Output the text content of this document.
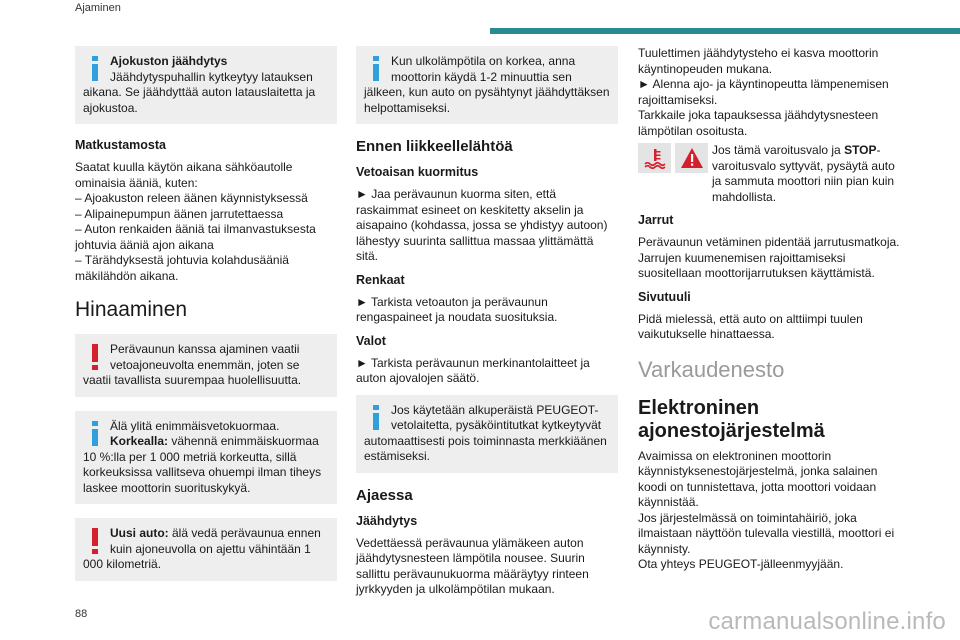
Ajaminen

Ajokuston jäähdytys

Jäähdytyspuhallin kytkeytyy latauksen aikana. Se jäähdyttää auton latauslaitetta ja ajokustoa.

Matkustamosta

Saatat kuulla käytön aikana sähköautolle ominaisia ääniä, kuten:

– Ajoakuston releen äänen käynnistyksessä

– Alipainepumpun äänen jarrutettaessa

– Auton renkaiden ääniä tai ilmanvastuksesta johtuvia ääniä ajon aikana

– Tärähdyksestä johtuvia kolahdusääniä mäkilähdön aikana.

Hinaaminen

Perävaunun kanssa ajaminen vaatii vetoajoneuvolta enemmän, joten se vaatii tavallista suurempaa huolellisuutta.

Älä ylitä enimmäisvetokuormaa.

Korkealla: vähennä enimmäiskuormaa 10 %:lla per 1 000 metriä korkeutta, sillä korkeuksissa vallitseva ohuempi ilman tiheys laskee moottorin suorituskykyä.

Uusi auto: älä vedä perävaunua ennen kuin ajoneuvolla on ajettu vähintään 1 000 kilometriä.

Kun ulkolämpötila on korkea, anna moottorin käydä 1-2 minuuttia sen jälkeen, kun auto on pysähtynyt jäähdyttäksen helpottamiseksi.

Ennen liikkeellelähtöä
Vetoaisan kuormitus

► Jaa perävaunun kuorma siten, että raskaimmat esineet on keskitetty akselin ja aisapaino (kohdassa, jossa se yhdistyy autoon) lähestyy suurinta sallittua massaa ylittämättä sitä.

Renkaat

► Tarkista vetoauton ja perävaunun rengaspaineet ja noudata suosituksia.

Valot

► Tarkista perävaunun merkinantolaitteet ja auton ajovalojen säätö.

Jos käytetään alkuperäistä PEUGEOT-vetolaitetta, pysäköintitutkat kytkeytyvät automaattisesti pois toiminnasta merkkiäänen estämiseksi.

Ajaessa
Jäähdytys

Vedettäessä perävaunua ylämäkeen auton jäähdytysnesteen lämpötila nousee. Suurin sallittu perävaunukuorma määräytyy rinteen jyrkkyyden ja ulkolämpötilan mukaan.

Tuulettimen jäähdytysteho ei kasva moottorin käyntinopeuden mukana.

► Alenna ajo- ja käyntinopeutta lämpenemisen rajoittamiseksi.

Tarkkaile joka tapauksessa jäähdytysnesteen lämpötilan osoitusta.

Jos tämä varoitusvalo ja STOP-varoitusvalo syttyvät, pysäytä auto ja sammuta moottori niin pian kuin mahdollista.

Jarrut

Perävaunun vetäminen pidentää jarrutusmatkoja. Jarrujen kuumenemisen rajoittamiseksi suositellaan moottorijarrutuksen käyttämistä.

Sivutuuli

Pidä mielessä, että auto on alttiimpi tuulen vaikutukselle hinattaessa.

Varkaudenesto
Elektroninen ajonestojärjestelmä

Avaimissa on elektroninen moottorin käynnistyksenestojärjestelmä, jonka salainen koodi on tunnistettava, jotta moottori voidaan käynnistää.

Jos järjestelmässä on toimintahäiriö, joka ilmaistaan näyttöön tulevalla viestillä, moottori ei käynnisty.

Ota yhteys PEUGEOT-jälleenmyyjään.

88	carmanualsonline.info
